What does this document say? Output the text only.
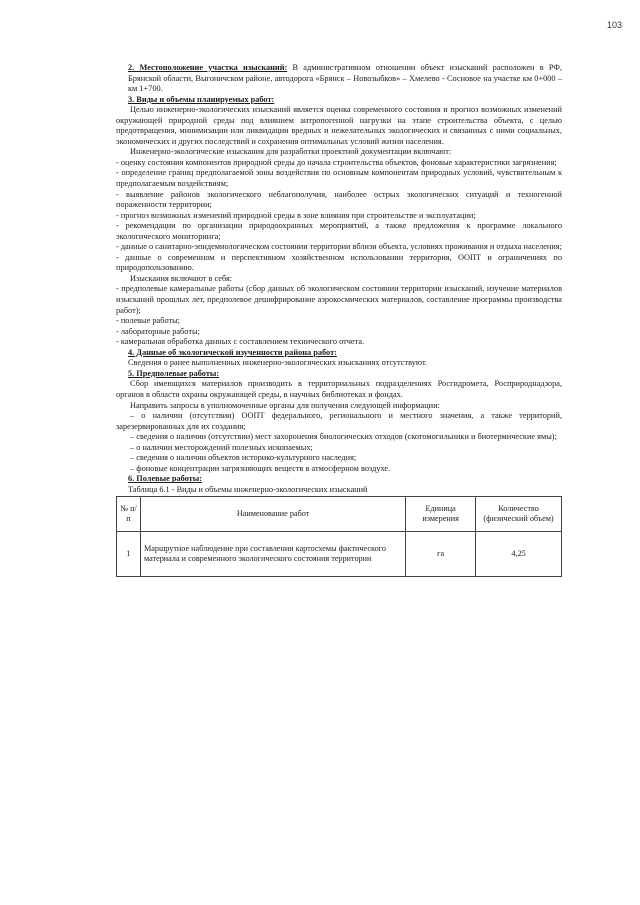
103

2. Местоположение участка изысканий: В административном отношении объект изысканий расположен в РФ, Брянской области, Выгоничском районе, автодорога «Брянск – Новозыбков» – Хмелево - Сосновое на участке км 0+000 – км 1+700.

3. Виды и объемы планируемых работ:

Целью инженерно-экологических изысканий является оценка современного состояния и прогноз возможных изменений окружающей природной среды под влиянием антропогенной нагрузки на этапе строительства объекта, с целью предотвращения, минимизации или ликвидации вредных и нежелательных экологических и связанных с ними социальных, экономических и других последствий и сохранения оптимальных условий жизни населения.

Инженерно-экологические изыскания для разработки проектной документации включают:

- оценку состояния компонентов природной среды до начала строительства объектов, фоновые характеристики загрязнения;

- определение границ предполагаемой зоны воздействия по основным компонентам природных условий, чувствительным к предполагаемым воздействиям;

- выявление районов экологического неблагополучия, наиболее острых экологических ситуаций и техногенной пораженности территории;

- прогноз возможных изменений природной среды в зоне влияния при строительстве и эксплуатации;

- рекомендации по организации природоохранных мероприятий, а также предложения к программе локального экологического мониторинга;

- данные о санитарно-эпидемиологическом состоянии территории вблизи объекта, условиях проживания и отдыха населения;

- данные о современном и перспективном хозяйственном использовании территория, ООПТ и ограничениях по природопользованию.

Изыскания включают в себя:

- предполевые камеральные работы (сбор данных об экологическом состоянии территории изысканий, изучение материалов изысканий прошлых лет, предполевое дешифрирование аэрокосмических материалов, составление программы производства работ);

- полевые работы;

- лабораторные работы;

- камеральная обработка данных с составлением технического отчета.

4. Данные об экологической изученности района работ:

Сведения о ранее выполненных инженерно-экологических изысканиях отсутствуют.

5. Предполевые работы:

Сбор имеющихся материалов производить в территориальных подразделениях Росгидромета, Росприроднадзора, органов в области охраны окружающей среды, в научных библиотеках и фондах.

Направить запросы в уполномоченные органы для получения следующей информации:

– о наличии (отсутствии) ООПТ федерального, регионального и местного значения, а также территорий, зарезервированных для их создания;

– сведения о наличии (отсутствии) мест захоронения биологических отходов (скотомогильники и биотермические ямы);

– о наличии месторождений полезных ископаемых;

– сведения о наличии объектов историко-культурного наследия;

– фоновые концентрации загрязняющих веществ в атмосферном воздухе.

6. Полевые работы:

Таблица 6.1 - Виды и объемы инженерно-экологических изысканий

№ п/п	Наименование работ	Единица измерения	Количество (физический объем)
1	Маршрутное наблюдение при составлении картосхемы фактического материала и современного экологического состояния территории	га	4,25
